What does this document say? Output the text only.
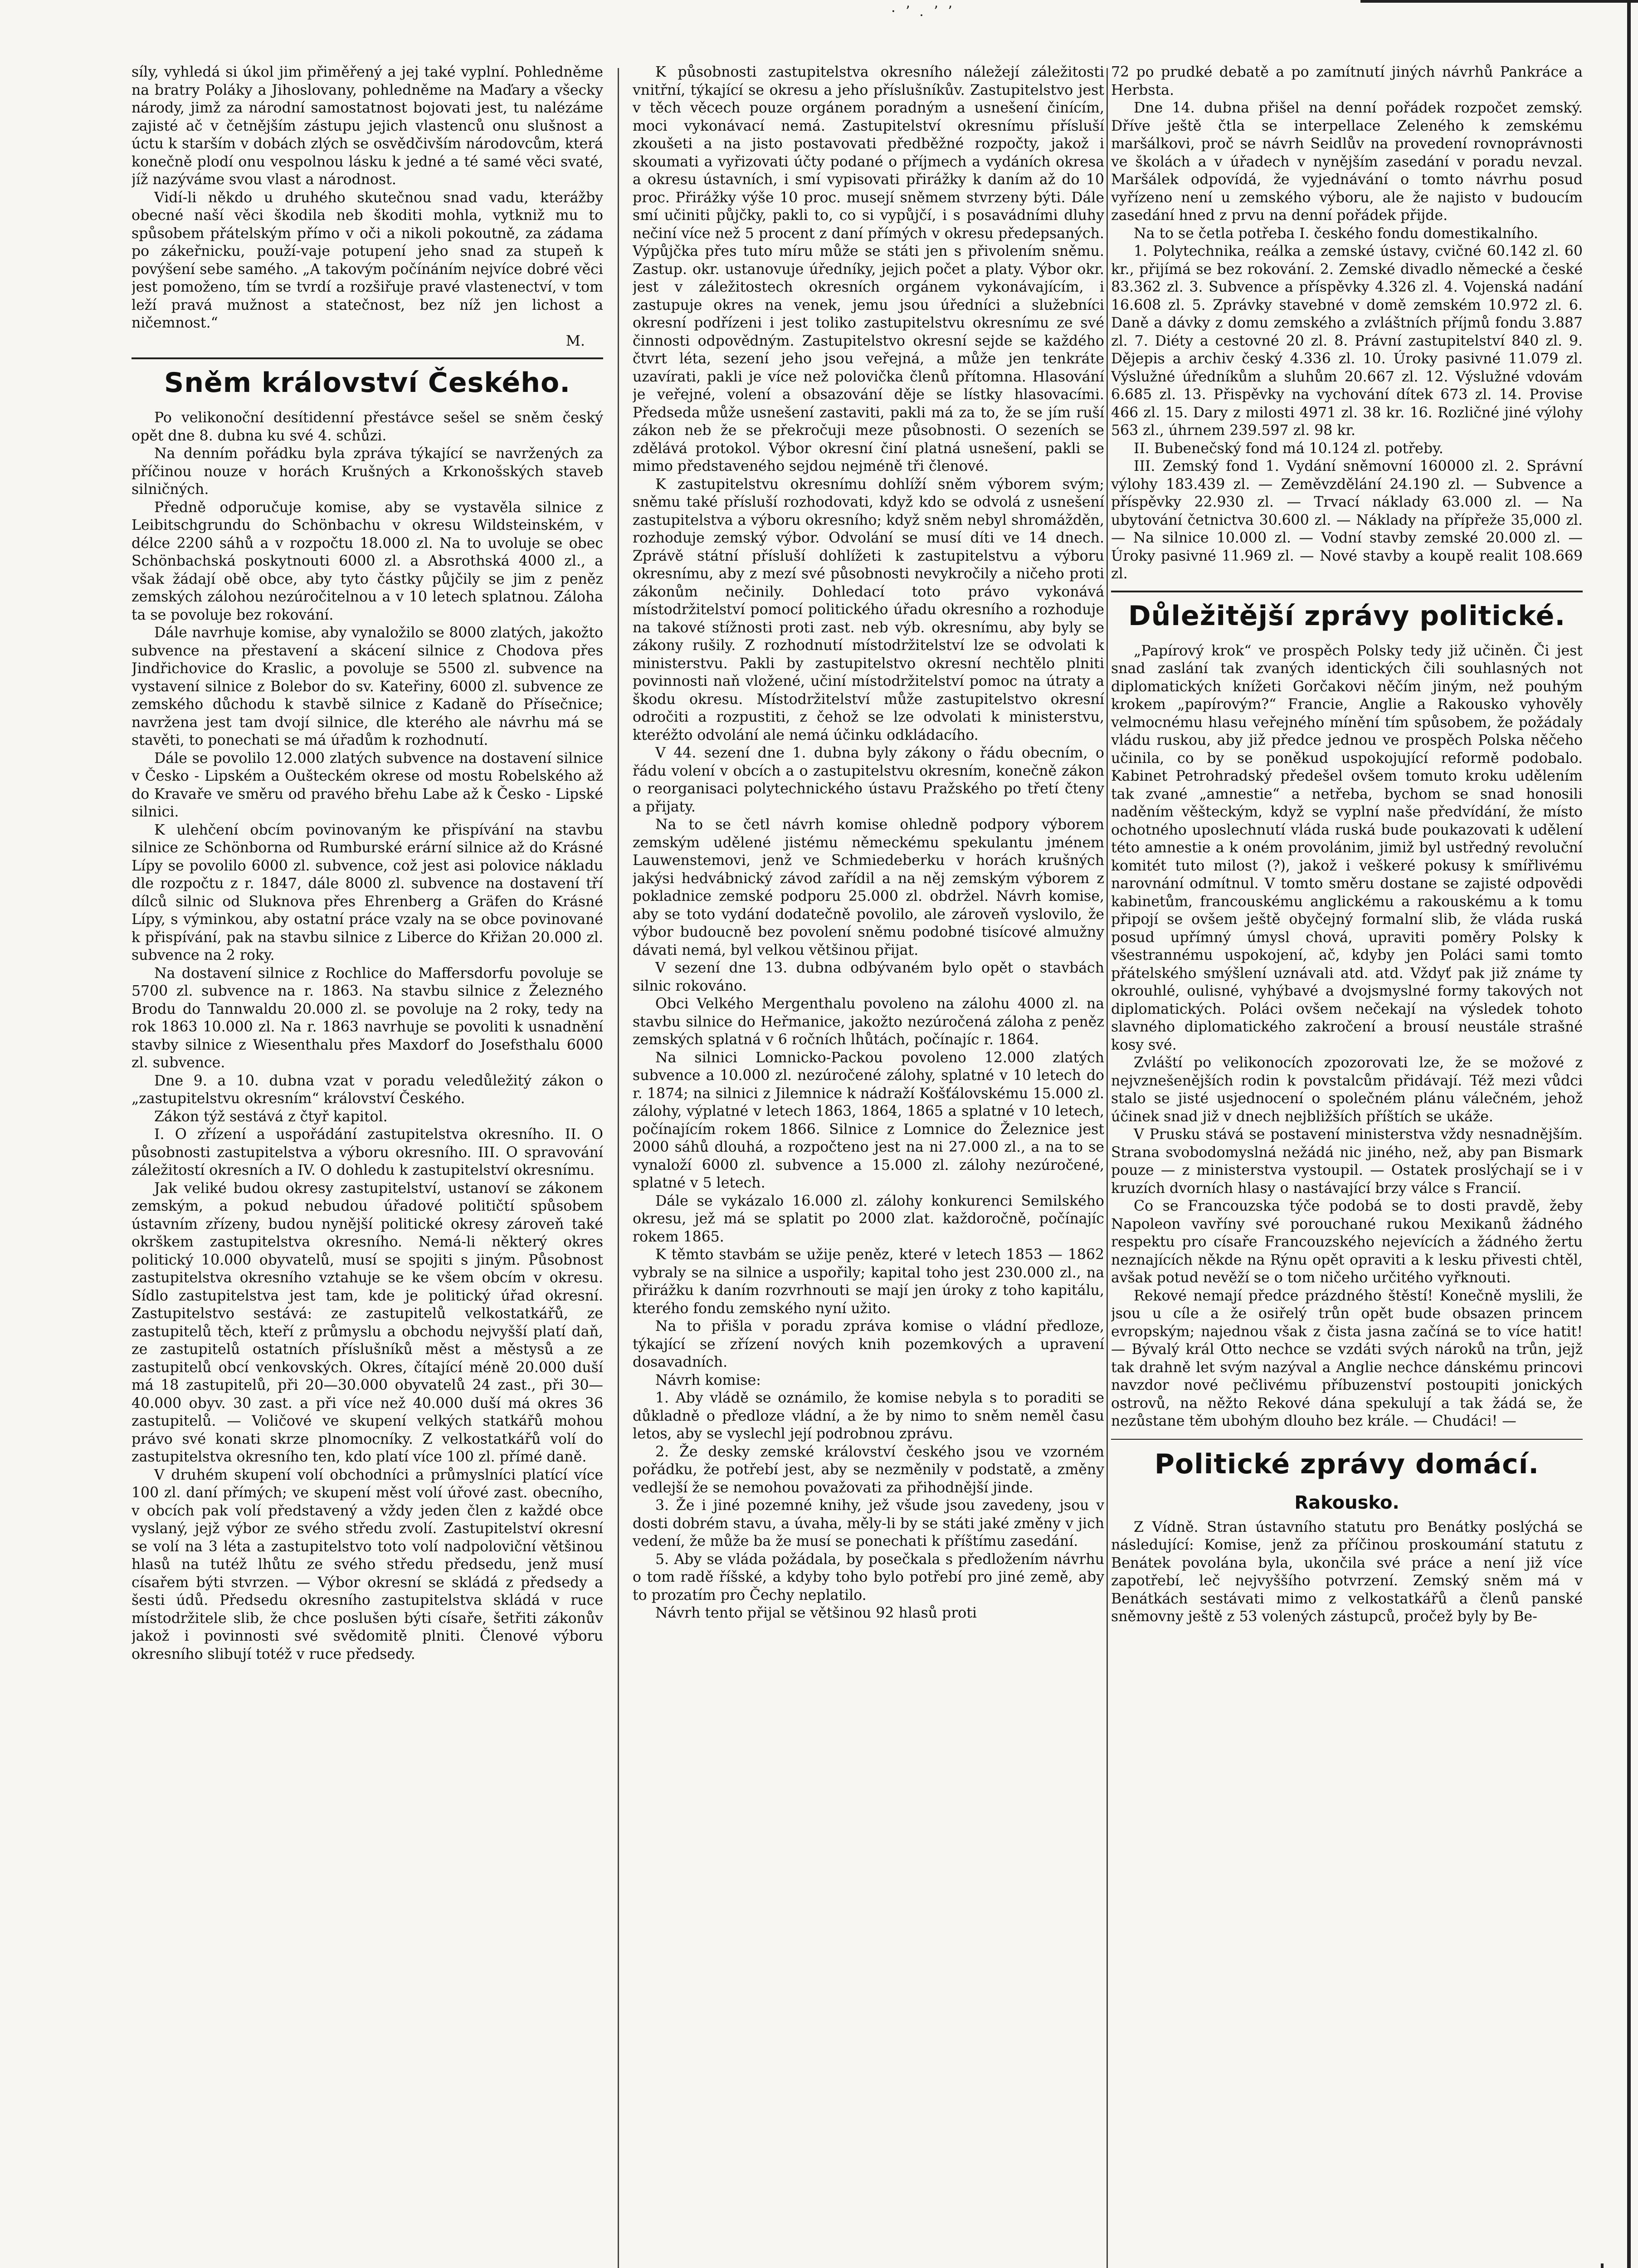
· ʼ . ʼ ʼ

síly, vyhledá si úkol jim přiměřený a jej také vyplní. Pohledněme na bratry Poláky a Jihoslovany, pohledněme na Maďary a všecky národy, jimž za národní samostatnost bojovati jest, tu nalézáme zajisté ač v četnějším zástupu jejich vlastenců onu slušnost a úctu k starším v dobách zlých se osvědčivším národovcům, která konečně plodí onu vespolnou lásku k jedné a té samé věci svaté, jíž nazýváme svou vlast a národnost.

Vidí-li někdo u druhého skutečnou snad vadu, kterážby obecné naší věci škodila neb škoditi mohla, vytkniž mu to spůsobem přátelským přímo v oči a nikoli pokoutně, za zádama po zákeřnicku, použí-vaje potupení jeho snad za stupeň k povýšení sebe samého. „A takovým počínáním nejvíce dobré věci jest pomoženo, tím se tvrdí a rozšiřuje pravé vlastenectví, v tom leží pravá mužnost a statečnost, bez níž jen lichost a ničemnost.“

M.
Sněm království Českého.

Po velikonoční desítidenní přestávce sešel se sněm český opět dne 8. dubna ku své 4. schůzi.

Na denním pořádku byla zpráva týkající se navržených za příčinou nouze v horách Krušných a Krkonošských staveb silničných.

Předně odporučuje komise, aby se vystavěla silnice z Leibitschgrundu do Schönbachu v okresu Wildsteinském, v délce 2200 sáhů a v rozpočtu 18.000 zl. Na to uvoluje se obec Schönbachská poskytnouti 6000 zl. a Absrothská 4000 zl., a však žádají obě obce, aby tyto částky půjčily se jim z peněz zemských zálohou nezúročitelnou a v 10 letech splatnou. Záloha ta se povoluje bez rokování.

Dále navrhuje komise, aby vynaložilo se 8000 zlatých, jakožto subvence na přestavení a skácení silnice z Chodova přes Jindřichovice do Kraslic, a povoluje se 5500 zl. subvence na vystavení silnice z Bolebor do sv. Kateřiny, 6000 zl. subvence ze zemského důchodu k stavbě silnice z Kadaně do Přísečnice; navržena jest tam dvojí silnice, dle kterého ale návrhu má se stavěti, to ponechati se má úřadům k rozhodnutí.

Dále se povolilo 12.000 zlatých subvence na dostavení silnice v Česko - Lipském a Oušteckém okrese od mostu Robelského až do Kravaře ve směru od pravého břehu Labe až k Česko - Lipské silnici.

K ulehčení obcím povinovaným ke přispívání na stavbu silnice ze Schönborna od Rumburské erární silnice až do Krásné Lípy se povolilo 6000 zl. subvence, což jest asi polovice nákladu dle rozpočtu z r. 1847, dále 8000 zl. subvence na dostavení tří dílců silnic od Sluknova přes Ehrenberg a Gräfen do Krásné Lípy, s výminkou, aby ostatní práce vzaly na se obce povinované k přispívání, pak na stavbu silnice z Liberce do Křižan 20.000 zl. subvence na 2 roky.

Na dostavení silnice z Rochlice do Maffersdorfu povoluje se 5700 zl. subvence na r. 1863. Na stavbu silnice z Železného Brodu do Tannwaldu 20.000 zl. se povoluje na 2 roky, tedy na rok 1863 10.000 zl. Na r. 1863 navrhuje se povoliti k usnadnění stavby silnice z Wiesenthalu přes Maxdorf do Josefsthalu 6000 zl. subvence.

Dne 9. a 10. dubna vzat v poradu veledůležitý zákon o „zastupitelstvu okresním“ království Českého.

Zákon týž sestává z čtyř kapitol.

I. O zřízení a uspořádání zastupitelstva okresního. II. O působnosti zastupitelstva a výboru okresního. III. O spravování záležitostí okresních a IV. O dohledu k zastupitelství okresnímu.

Jak veliké budou okresy zastupitelství, ustanoví se zákonem zemským, a pokud nebudou úřadové političtí spůsobem ústavním zřízeny, budou nynější politické okresy zároveň také okrškem zastupitelstva okresního. Nemá-li některý okres politický 10.000 obyvatelů, musí se spojiti s jiným. Působnost zastupitelstva okresního vztahuje se ke všem obcím v okresu. Sídlo zastupitelstva jest tam, kde je politický úřad okresní. Zastupitelstvo sestává: ze zastupitelů velkostatkářů, ze zastupitelů těch, kteří z průmyslu a obchodu nejvyšší platí daň, ze zastupitelů ostatních příslušníků měst a městysů a ze zastupitelů obcí venkovských. Okres, čítající méně 20.000 duší má 18 zastupitelů, při 20—30.000 obyvatelů 24 zast., při 30—40.000 obyv. 30 zast. a při více než 40.000 duší má okres 36 zastupitelů. — Voličové ve skupení velkých statkářů mohou právo své konati skrze plnomocníky. Z velkostatkářů volí do zastupitelstva okresního ten, kdo platí více 100 zl. přímé daně.

V druhém skupení volí obchodníci a průmyslníci platící více 100 zl. daní přímých; ve skupení měst volí úřové zast. obecního, v obcích pak volí představený a vždy jeden člen z každé obce vyslaný, jejž výbor ze svého středu zvolí. Zastupitelství okresní se volí na 3 léta a zastupitelstvo toto volí nadpoloviční většinou hlasů na tutéž lhůtu ze svého středu předsedu, jenž musí císařem býti stvrzen. — Výbor okresní se skládá z předsedy a šesti údů. Předsedu okresního zastupitelstva skládá v ruce místodržitele slib, že chce poslušen býti císaře, šetřiti zákonův jakož i povinnosti své svědomitě plniti. Členové výboru okresního slibují totéž v ruce předsedy.

K působnosti zastupitelstva okresního náležejí záležitosti vnitřní, týkající se okresu a jeho příslušníkův. Zastupitelstvo jest v těch věcech pouze orgánem poradným a usnešení činícím, moci vykonávací nemá. Zastupitelství okresnímu přísluší zkoušeti a na jisto postavovati předběžné rozpočty, jakož i skoumati a vyřizovati účty podané o příjmech a vydáních okresa a okresu ústavních, i smí vypisovati přirážky k daním až do 10 proc. Přirážky výše 10 proc. musejí sněmem stvrzeny býti. Dále smí učiniti půjčky, pakli to, co si vypůjčí, i s posavádními dluhy nečiní více než 5 procent z daní přímých v okresu předepsaných. Výpůjčka přes tuto míru může se státi jen s přivolením sněmu. Zastup. okr. ustanovuje úředníky, jejich počet a platy. Výbor okr. jest v záležitostech okresních orgánem vykonávajícím, i zastupuje okres na venek, jemu jsou úředníci a služebníci okresní podřízeni i jest toliko zastupitelstvu okresnímu ze své činnosti odpovědným. Zastupitelstvo okresní sejde se každého čtvrt léta, sezení jeho jsou veřejná, a může jen tenkráte uzavírati, pakli je více než polovička členů přítomna. Hlasování je veřejné, volení a obsazování děje se lístky hlasovacími. Předseda může usnešení zastaviti, pakli má za to, že se jím ruší zákon neb že se překročuji meze působnosti. O sezeních se zdělává protokol. Výbor okresní činí platná usnešení, pakli se mimo představeného sejdou nejméně tři členové.

K zastupitelstvu okresnímu dohlíží sněm výborem svým; sněmu také přísluší rozhodovati, když kdo se odvolá z usnešení zastupitelstva a výboru okresního; když sněm nebyl shromážděn, rozhoduje zemský výbor. Odvolání se musí díti ve 14 dnech. Zprávě státní přísluší dohlížeti k zastupitelstvu a výboru okresnímu, aby z mezí své působnosti nevykročily a ničeho proti zákonům nečinily. Dohledací toto právo vykonává místodržitelství pomocí politického úřadu okresního a rozhoduje na takové stížnosti proti zast. neb výb. okresnímu, aby byly se zákony rušily. Z rozhodnutí místodržitelství lze se odvolati k ministerstvu. Pakli by zastupitelstvo okresní nechtělo plniti povinnosti naň vložené, učiní místodržitelství pomoc na útraty a škodu okresu. Místodržitelství může zastupitelstvo okresní odročiti a rozpustiti, z čehož se lze odvolati k ministerstvu, kteréžto odvolání ale nemá účinku odkládacího.

V 44. sezení dne 1. dubna byly zákony o řádu obecním, o řádu volení v obcích a o zastupitelstvu okresním, konečně zákon o reorganisaci polytechnického ústavu Pražského po třetí čteny a přijaty.

Na to se četl návrh komise ohledně podpory výborem zemským udělené jistému německému spekulantu jménem Lauwenstemovi, jenž ve Schmiedeberku v horách krušných jakýsi hedvábnický závod zařídil a na něj zemským výborem z pokladnice zemské podporu 25.000 zl. obdržel. Návrh komise, aby se toto vydání dodatečně povolilo, ale zároveň vyslovilo, že výbor budoucně bez povolení sněmu podobné tisícové almužny dávati nemá, byl velkou většinou přijat.

V sezení dne 13. dubna odbývaném bylo opět o stavbách silnic rokováno.

Obci Velkého Mergenthalu povoleno na zálohu 4000 zl. na stavbu silnice do Heřmanice, jakožto nezúročená záloha z peněz zemských splatná v 6 ročních lhůtách, počínajíc r. 1864.

Na silnici Lomnicko-Packou povoleno 12.000 zlatých subvence a 10.000 zl. nezúročené zálohy, splatné v 10 letech do r. 1874; na silnici z Jilemnice k nádraží Košťálovskému 15.000 zl. zálohy, výplatné v letech 1863, 1864, 1865 a splatné v 10 letech, počínajícím rokem 1866. Silnice z Lomnice do Železnice jest 2000 sáhů dlouhá, a rozpočteno jest na ni 27.000 zl., a na to se vynaloží 6000 zl. subvence a 15.000 zl. zálohy nezúročené, splatné v 5 letech.

Dále se vykázalo 16.000 zl. zálohy konkurenci Semilského okresu, jež má se splatit po 2000 zlat. každoročně, počínajíc rokem 1865.

K těmto stavbám se užije peněz, které v letech 1853 — 1862 vybraly se na silnice a uspořily; kapital toho jest 230.000 zl., na přirážku k daním rozvrhnouti se mají jen úroky z toho kapitálu, kterého fondu zemského nyní užito.

Na to přišla v poradu zpráva komise o vládní předloze, týkající se zřízení nových knih pozemkových a upravení dosavadních.

Návrh komise:

1. Aby vládě se oznámilo, že komise nebyla s to poraditi se důkladně o předloze vládní, a že by nimo to sněm neměl času letos, aby se vyslechl její podrobnou zprávu.

2. Že desky zemské království českého jsou ve vzorném pořádku, že potřebí jest, aby se nezměnily v podstatě, a změny vedlejší že se nemohou považovati za přihodnější jinde.

3. Že i jiné pozemné knihy, jež všude jsou zavedeny, jsou v dosti dobrém stavu, a úvaha, měly-li by se státi jaké změny v jich vedení, že může ba že musí se ponechati k příštímu zasedání.

5. Aby se vláda požádala, by posečkala s předložením návrhu o tom radě říšské, a kdyby toho bylo potřebí pro jiné země, aby to prozatím pro Čechy neplatilo.

Návrh tento přijal se většinou 92 hlasů proti

72 po prudké debatě a po zamítnutí jiných návrhů Pankráce a Herbsta.

Dne 14. dubna přišel na denní pořádek rozpočet zemský. Dříve ještě čtla se interpellace Zeleného k zemskému maršálkovi, proč se návrh Seidlův na provedení rovnoprávnosti ve školách a v úřadech v nynějším zasedání v poradu nevzal. Maršálek odpovídá, že vyjednávání o tomto návrhu posud vyřízeno není u zemského výboru, ale že najisto v budoucím zasedání hned z prvu na denní pořádek přijde.

Na to se četla potřeba I. českého fondu domestikalního.

1. Polytechnika, reálka a zemské ústavy, cvičné 60.142 zl. 60 kr., přijímá se bez rokování. 2. Zemské divadlo německé a české 83.362 zl. 3. Subvence a příspěvky 4.326 zl. 4. Vojenská nadání 16.608 zl. 5. Zprávky stavebné v domě zemském 10.972 zl. 6. Daně a dávky z domu zemského a zvláštních příjmů fondu 3.887 zl. 7. Diéty a cestovné 20 zl. 8. Právní zastupitelství 840 zl. 9. Dějepis a archiv český 4.336 zl. 10. Úroky pasivné 11.079 zl. Výslužné úředníkům a sluhům 20.667 zl. 12. Výslužné vdovám 6.685 zl. 13. Přispěvky na vychování dítek 673 zl. 14. Provise 466 zl. 15. Dary z milosti 4971 zl. 38 kr. 16. Rozličné jiné výlohy 563 zl., úhrnem 239.597 zl. 98 kr.

II. Bubenečský fond má 10.124 zl. potřeby.

III. Zemský fond 1. Vydání sněmovní 160000 zl. 2. Správní výlohy 183.439 zl. — Zeměvzdělání 24.190 zl. — Subvence a příspěvky 22.930 zl. — Trvací náklady 63.000 zl. — Na ubytování četnictva 30.600 zl. — Náklady na přípřeže 35,000 zl. — Na silnice 10.000 zl. — Vodní stavby zemské 20.000 zl. — Úroky pasivné 11.969 zl. — Nové stavby a koupě realit 108.669 zl.

Důležitější zprávy politické.

„Papírový krok“ ve prospěch Polsky tedy již učiněn. Či jest snad zaslání tak zvaných identických čili souhlasných not diplomatických knížeti Gorčakovi něčím jiným, než pouhým krokem „papírovým?“ Francie, Anglie a Rakousko vyhověly velmocnému hlasu veřejného mínění tím spůsobem, že požádaly vládu ruskou, aby již předce jednou ve prospěch Polska něčeho učinila, co by se poněkud uspokojující reformě podobalo. Kabinet Petrohradský předešel ovšem tomuto kroku udělením tak zvané „amnestie“ a netřeba, bychom se snad honosili naděním věšteckým, když se vyplní naše předvídání, že místo ochotného uposlechnutí vláda ruská bude poukazovati k udělení této amnestie a k oném provolánim, jimiž byl ustředný revoluční komitét tuto milost (?), jakož i veškeré pokusy k smířlivému narovnání odmítnul. V tomto směru dostane se zajisté odpovědi kabinetům, francouskému anglickému a rakouskému a k tomu připojí se ovšem ještě obyčejný formalní slib, že vláda ruská posud upřímný úmysl chová, upraviti poměry Polsky k všestrannému uspokojení, ač, kdyby jen Poláci sami tomto přátelského smýšlení uznávali atd. atd. Vždyť pak již známe ty okrouhlé, oulisné, vyhýbavé a dvojsmyslné formy takových not diplomatických. Poláci ovšem nečekají na výsledek tohoto slavného diplomatického zakročení a brousí neustále strašné kosy své.

Zvláští po velikonocích zpozorovati lze, že se možové z nejvznešenějších rodin k povstalcům přidávají. Též mezi vůdci stalo se jisté usjednocení o společném plánu válečném, jehož účinek snad již v dnech nejbližších příštích se ukáže.

V Prusku stává se postavení ministerstva vždy nesnadnějším. Strana svobodomyslná nežádá nic jiného, než, aby pan Bismark pouze — z ministerstva vystoupil. — Ostatek proslýchají se i v kruzích dvorních hlasy o nastávající brzy válce s Francií.

Co se Francouzska týče podobá se to dosti pravdě, žeby Napoleon vavříny své porouchané rukou Mexikanů žádného respektu pro císaře Francouzského nejevících a žádného žertu neznajících někde na Rýnu opět opraviti a k lesku přivesti chtěl, avšak potud nevěží se o tom ničeho určitého vyřknouti.

Rekové nemají předce prázdného štěstí! Konečně myslili, že jsou u cíle a že osiřelý trůn opět bude obsazen princem evropským; najednou však z čista jasna začíná se to více hatit! — Bývalý král Otto nechce se vzdáti svých nároků na trůn, jejž tak drahně let svým nazýval a Anglie nechce dánskému princovi navzdor nové pečlivému příbuzenství postoupiti jonických ostrovů, na něžto Rekové dána spekulují a tak žádá se, že nezůstane těm ubohým dlouho bez krále. — Chudáci! —

Politické zprávy domácí.
Rakousko.

Z Vídně. Stran ústavního statutu pro Benátky poslýchá se následující: Komise, jenž za příčinou proskoumání statutu z Benátek povolána byla, ukončila své práce a není již více zapotřebí, leč nejvyššího potvrzení. Zemský sněm má v Benátkách sestávati mimo z velkostatkářů a členů panské sněmovny ještě z 53 volených zástupců, pročež byly by Be-
